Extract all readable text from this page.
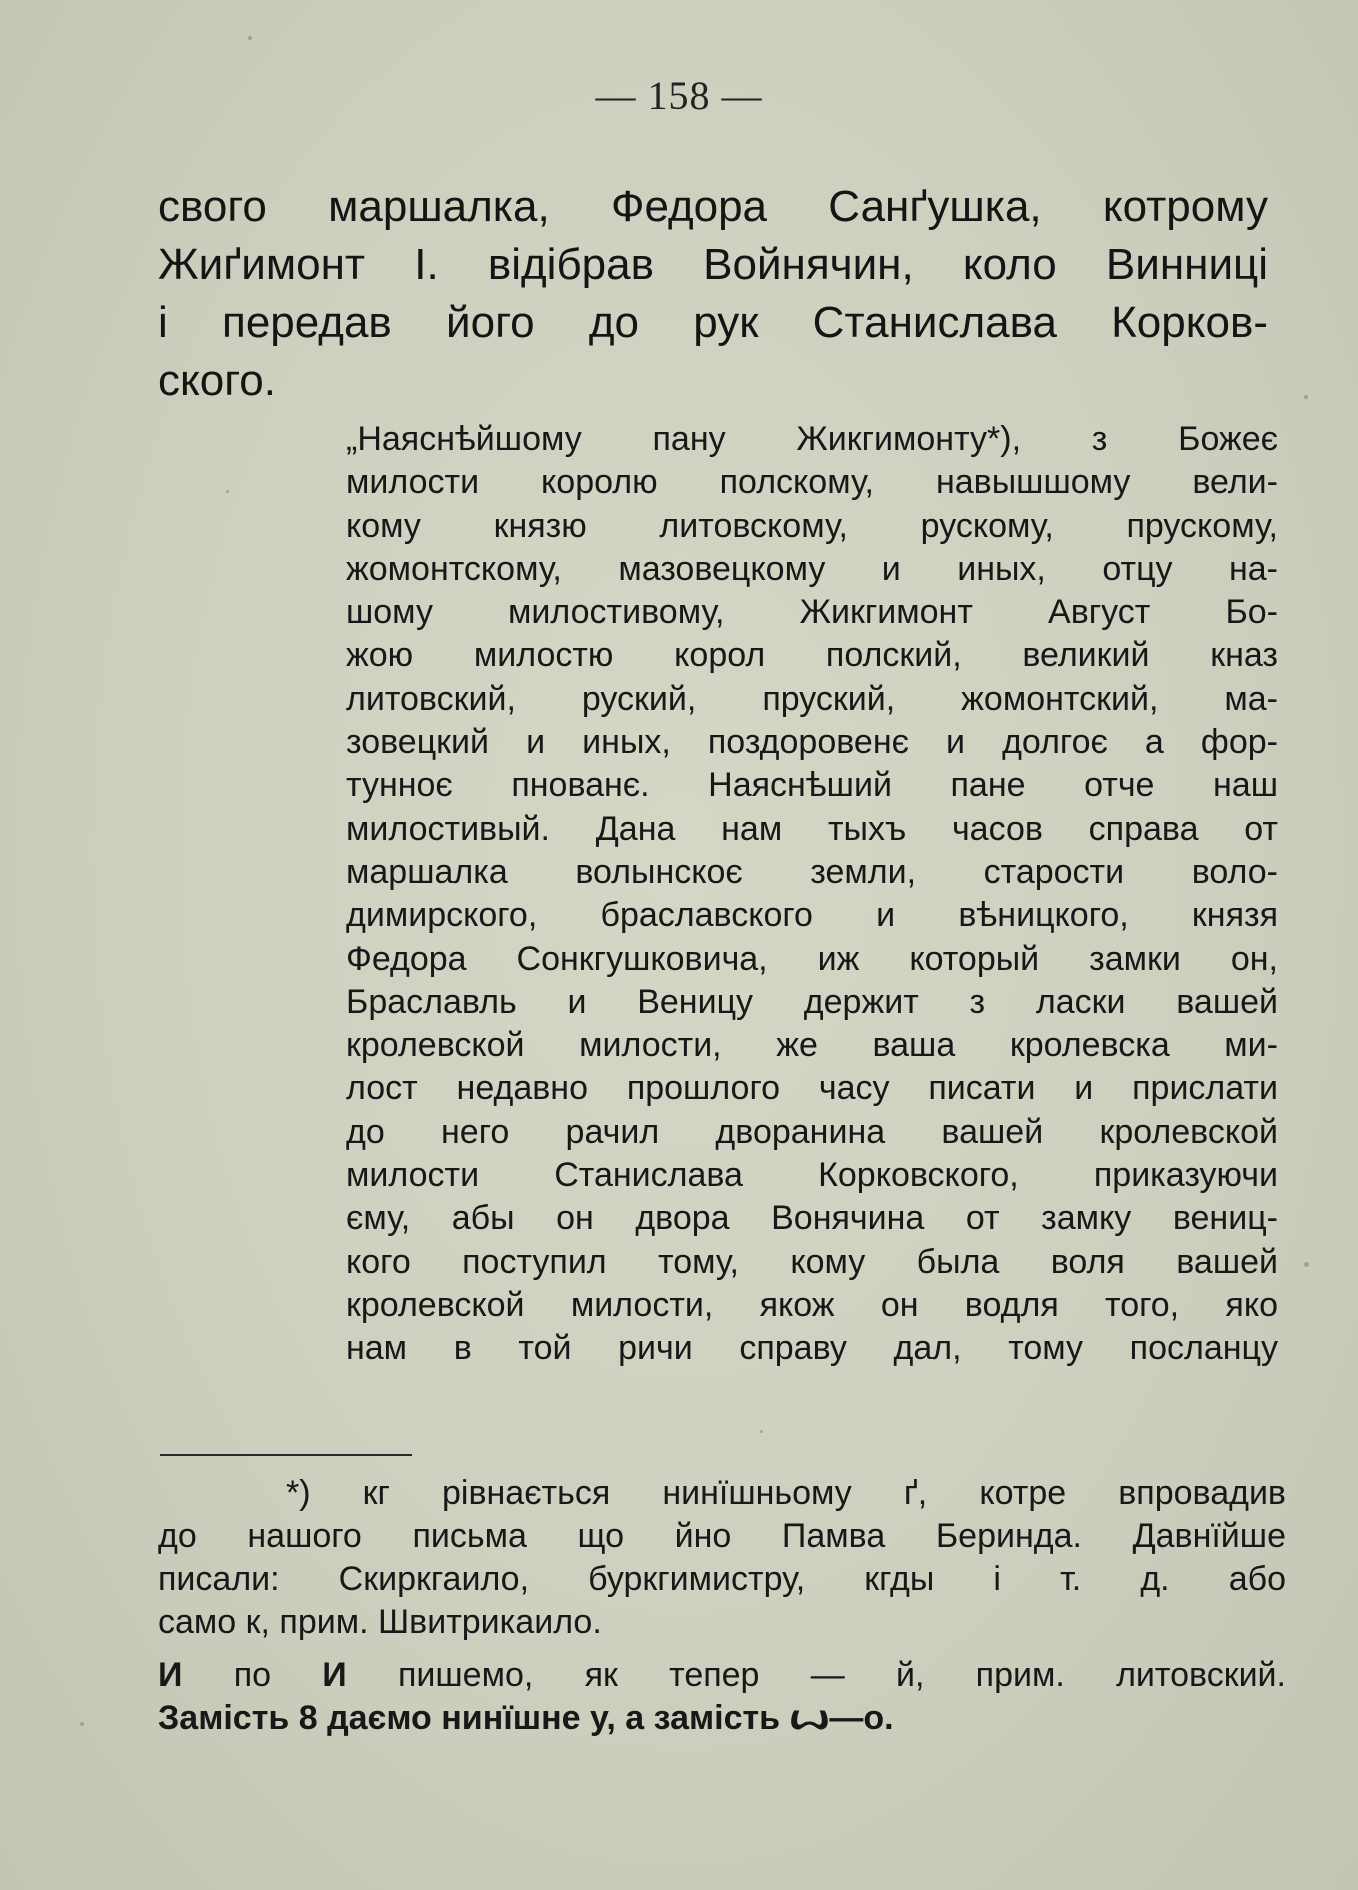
— 158 —
свого маршалка, Федора Санґушка, котрому
Жиґимонт І. відібрав Войнячин, коло Винниці
і передав його до рук Станислава Корков-
ского.
„Наяснѣйшому пану Жикгимонту*), з Божеє
милости королю полскому, навышшому вели-
кому князю литовскому, рускому, прускому,
жомонтскому, мазовецкому и иных, отцу на-
шому милостивому, Жикгимонт Август Бо-
жою милостю корол полский, великий кназ
литовский, руский, пруский, жомонтский, ма-
зовецкий и иных, поздоровенє и долгоє а фор-
тунноє пнованє. Наяснѣший пане отче наш
милостивый. Дана нам тыхъ часов справа от
маршалка волынскоє земли, старости воло-
димирского, браславского и вѣницкого, князя
Федора Сонкгушковича, иж который замки он,
Браславль и Веницу держит з ласки вашей
кролевской милости, же ваша кролевска ми-
лост недавно прошлого часу писати и прислати
до него рачил дворанина вашей кролевской
милости Станислава Корковского, приказуючи
єму, абы он двора Вонячина от замку вениц-
кого поступил тому, кому была воля вашей
кролевской милости, якож он водля того, яко
нам в той ричи справу дал, тому посланцу
*) кг рівнається нинїшньому ґ, котре впровадив
до нашого письма що йно Памва Беринда. Давнїйше
писали: Скиркгаило, буркгимистру, кгды і т. д. або
само к, прим. Швитрикаило.
И по И пишемо, як тепер — й, прим. литовский.
Замість 8 даємо нинїшне у, а замість ꙍ—о.
